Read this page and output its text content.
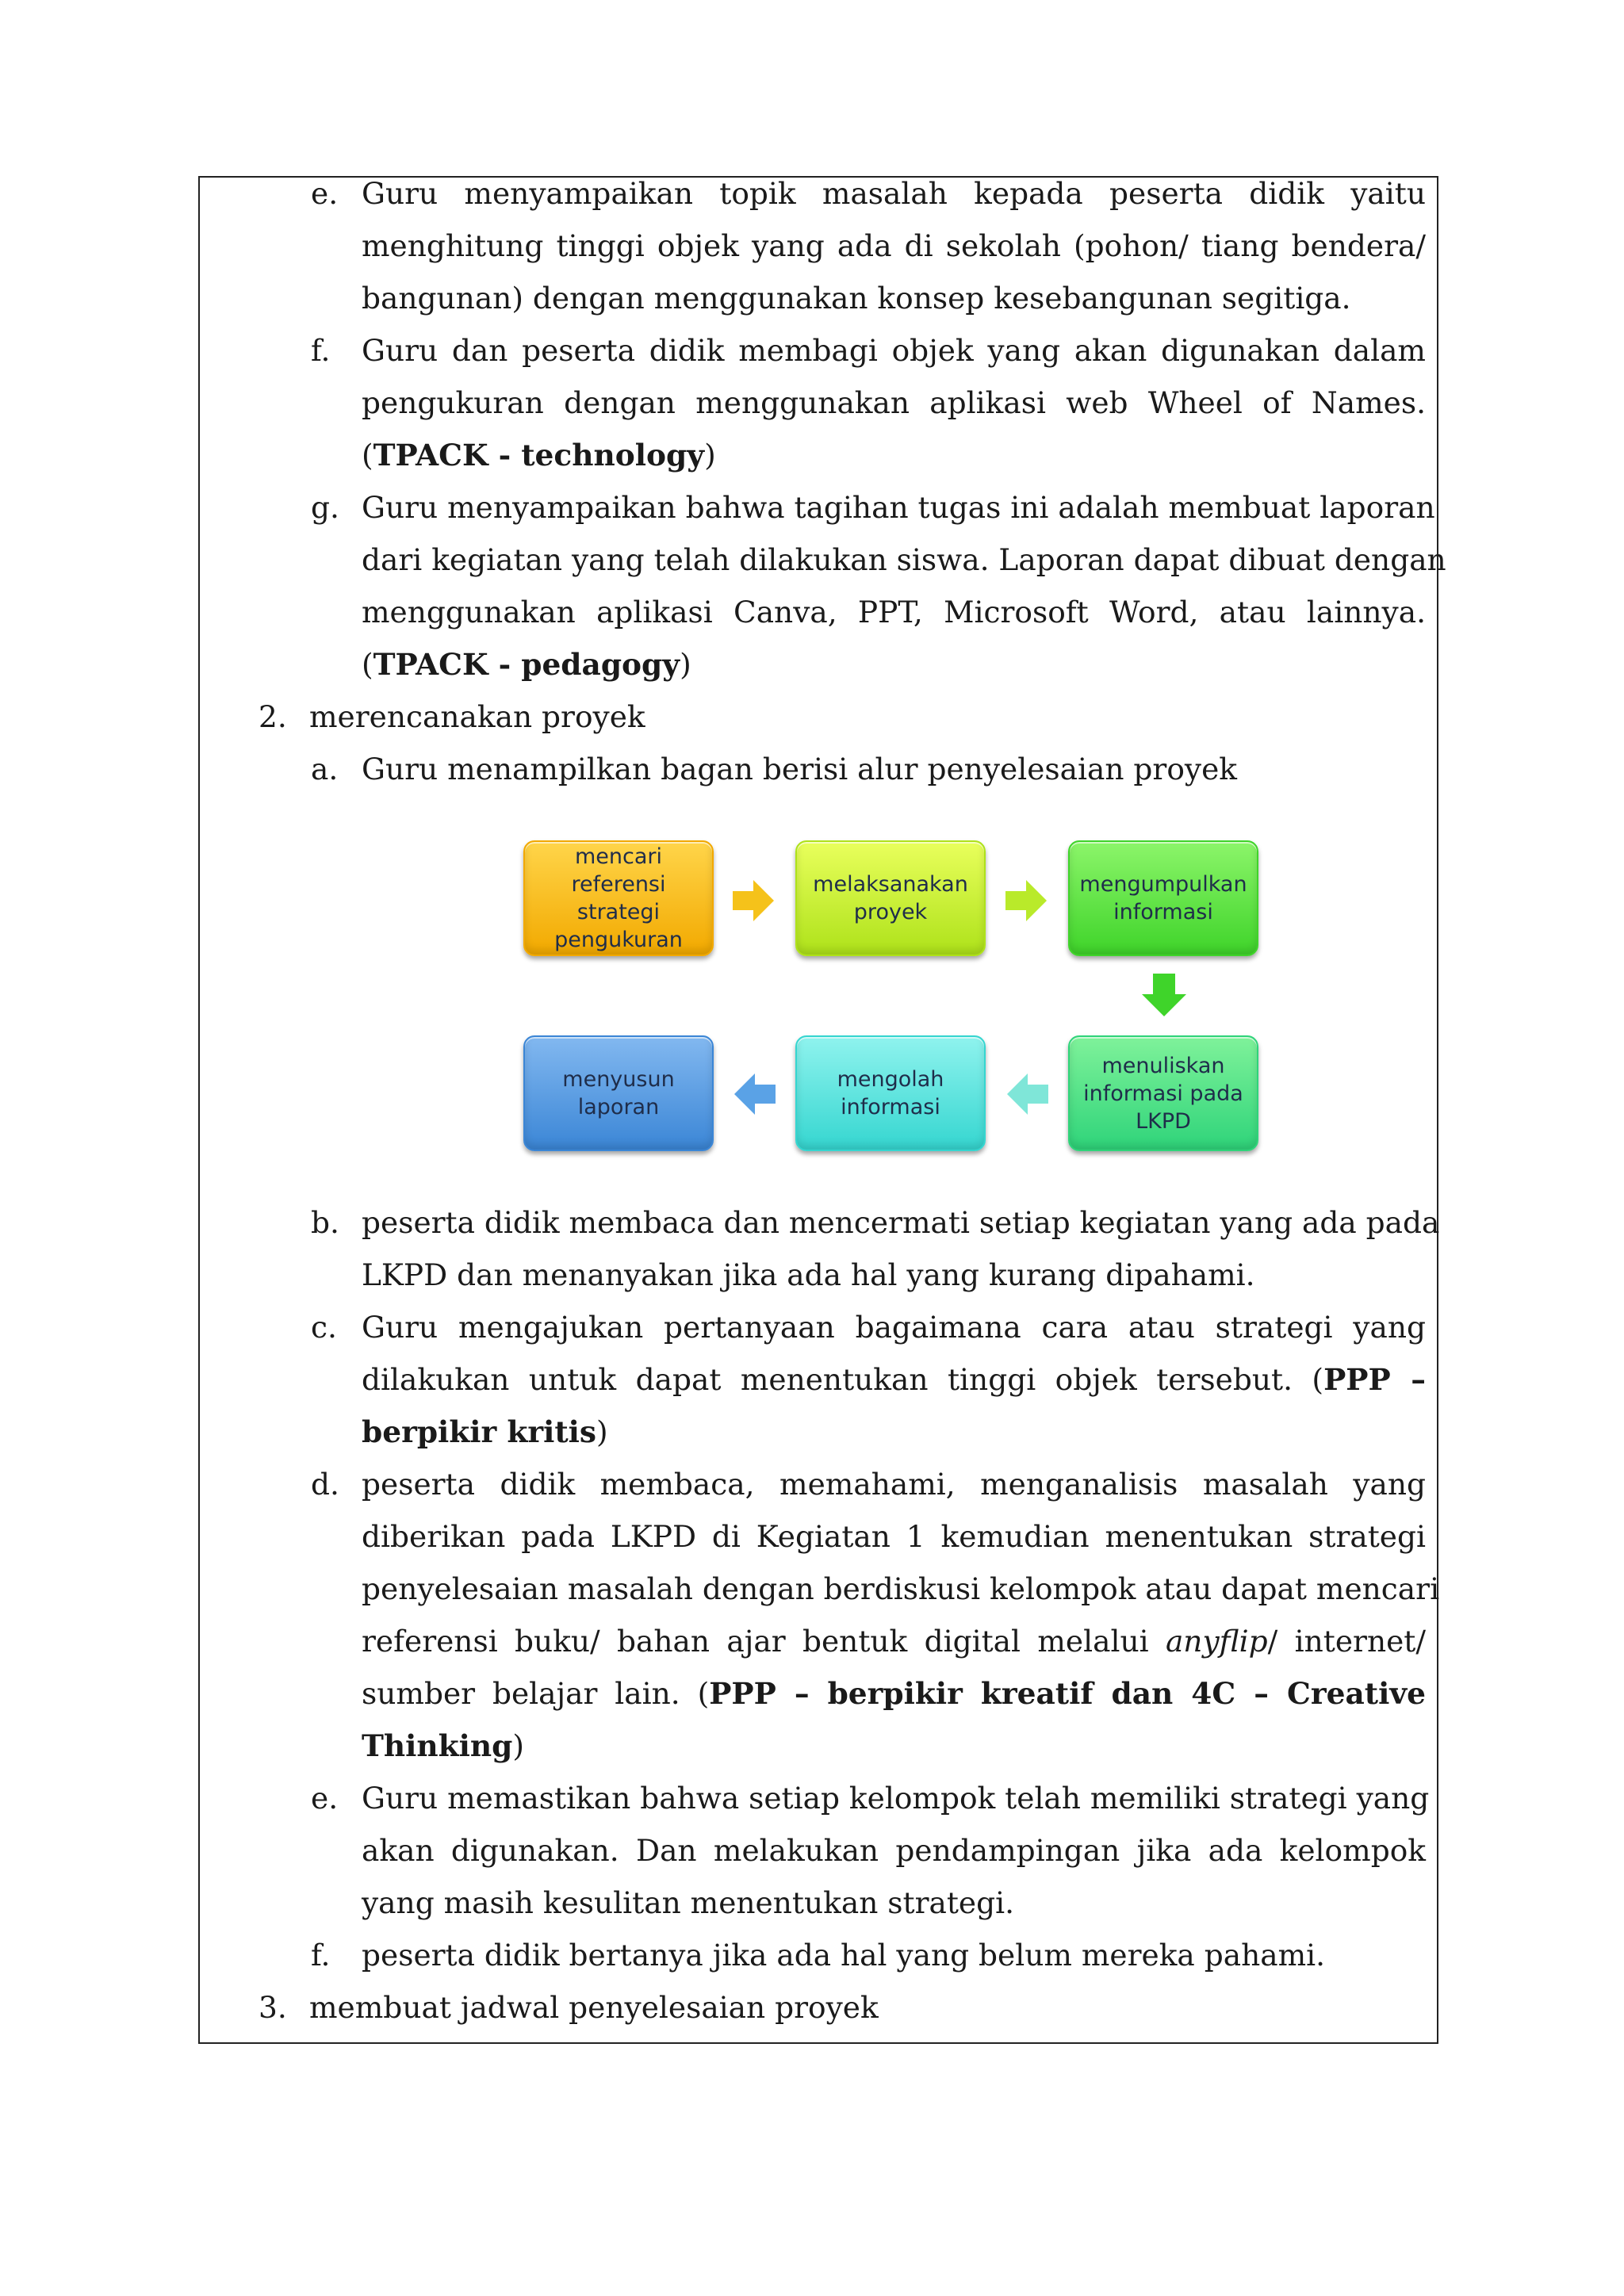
e. Guru menyampaikan topik masalah kepada peserta didik yaitu
menghitung tinggi objek yang ada di sekolah (pohon/ tiang bendera/
bangunan) dengan menggunakan konsep kesebangunan segitiga.
f. Guru dan peserta didik membagi objek yang akan digunakan dalam
pengukuran dengan menggunakan aplikasi web Wheel of Names.
(TPACK - technology)
g. Guru menyampaikan bahwa tagihan tugas ini adalah membuat laporan
dari kegiatan yang telah dilakukan siswa. Laporan dapat dibuat dengan
menggunakan aplikasi Canva, PPT, Microsoft Word, atau lainnya.
(TPACK - pedagogy)
2. merencanakan proyek
a. Guru menampilkan bagan berisi alur penyelesaian proyek
mencari
referensi strategi
pengukuran
melaksanakan
proyek
mengumpulkan
informasi
menuliskan
informasi pada
LKPD
mengolah
informasi
menyusun
laporan
b. peserta didik membaca dan mencermati setiap kegiatan yang ada pada
LKPD dan menanyakan jika ada hal yang kurang dipahami.
c. Guru mengajukan pertanyaan bagaimana cara atau strategi yang
dilakukan untuk dapat menentukan tinggi objek tersebut. (PPP –
berpikir kritis)
d. peserta didik membaca, memahami, menganalisis masalah yang
diberikan pada LKPD di Kegiatan 1 kemudian menentukan strategi
penyelesaian masalah dengan berdiskusi kelompok atau dapat mencari
referensi buku/ bahan ajar bentuk digital melalui anyflip/ internet/
sumber belajar lain. (PPP – berpikir kreatif dan 4C – Creative
Thinking)
e. Guru memastikan bahwa setiap kelompok telah memiliki strategi yang
akan digunakan. Dan melakukan pendampingan jika ada kelompok
yang masih kesulitan menentukan strategi.
f. peserta didik bertanya jika ada hal yang belum mereka pahami.
3. membuat jadwal penyelesaian proyek
